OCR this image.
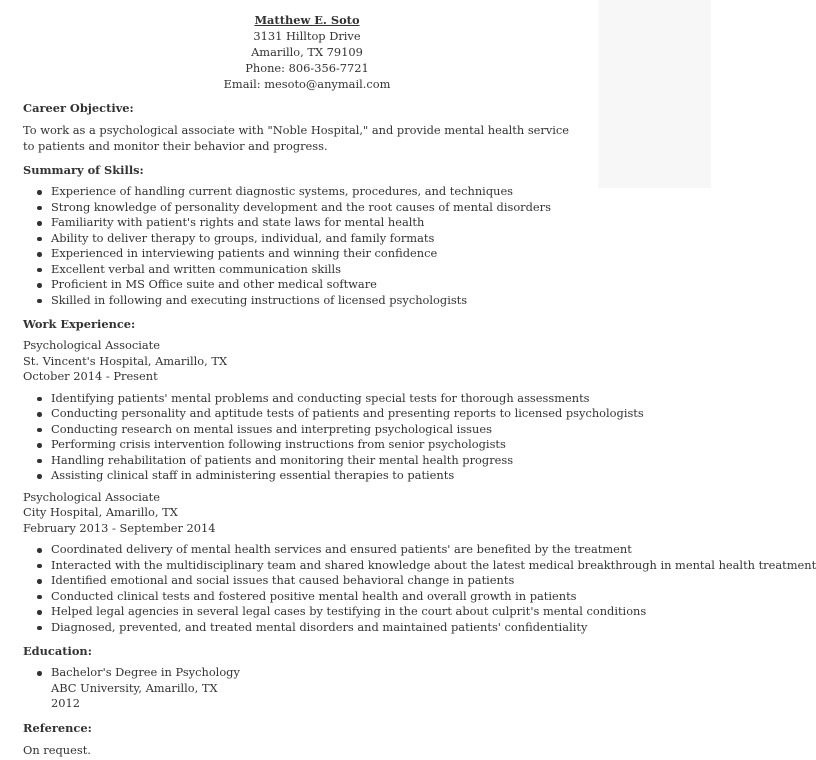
Matthew E. Soto
3131 Hilltop Drive
Amarillo, TX 79109
Phone: 806-356-7721
Email: mesoto@anymail.com
Career Objective:

To work as a psychological associate with "Noble Hospital," and provide mental health service to patients and monitor their behavior and progress.

Summary of Skills:
Experience of handling current diagnostic systems, procedures, and techniques
Strong knowledge of personality development and the root causes of mental disorders
Familiarity with patient's rights and state laws for mental health
Ability to deliver therapy to groups, individual, and family formats
Experienced in interviewing patients and winning their confidence
Excellent verbal and written communication skills
Proficient in MS Office suite and other medical software
Skilled in following and executing instructions of licensed psychologists
Work Experience:
Psychological Associate
St. Vincent's Hospital, Amarillo, TX
October 2014 - Present
Identifying patients' mental problems and conducting special tests for thorough assessments
Conducting personality and aptitude tests of patients and presenting reports to licensed psychologists
Conducting research on mental issues and interpreting psychological issues
Performing crisis intervention following instructions from senior psychologists
Handling rehabilitation of patients and monitoring their mental health progress
Assisting clinical staff in administering essential therapies to patients
Psychological Associate
City Hospital, Amarillo, TX
February 2013 - September 2014
Coordinated delivery of mental health services and ensured patients' are benefited by the treatment
Interacted with the multidisciplinary team and shared knowledge about the latest medical breakthrough in mental health treatment
Identified emotional and social issues that caused behavioral change in patients
Conducted clinical tests and fostered positive mental health and overall growth in patients
Helped legal agencies in several legal cases by testifying in the court about culprit's mental conditions
Diagnosed, prevented, and treated mental disorders and maintained patients' confidentiality
Education:
Bachelor's Degree in Psychology
ABC University, Amarillo, TX
2012
Reference:

On request.
